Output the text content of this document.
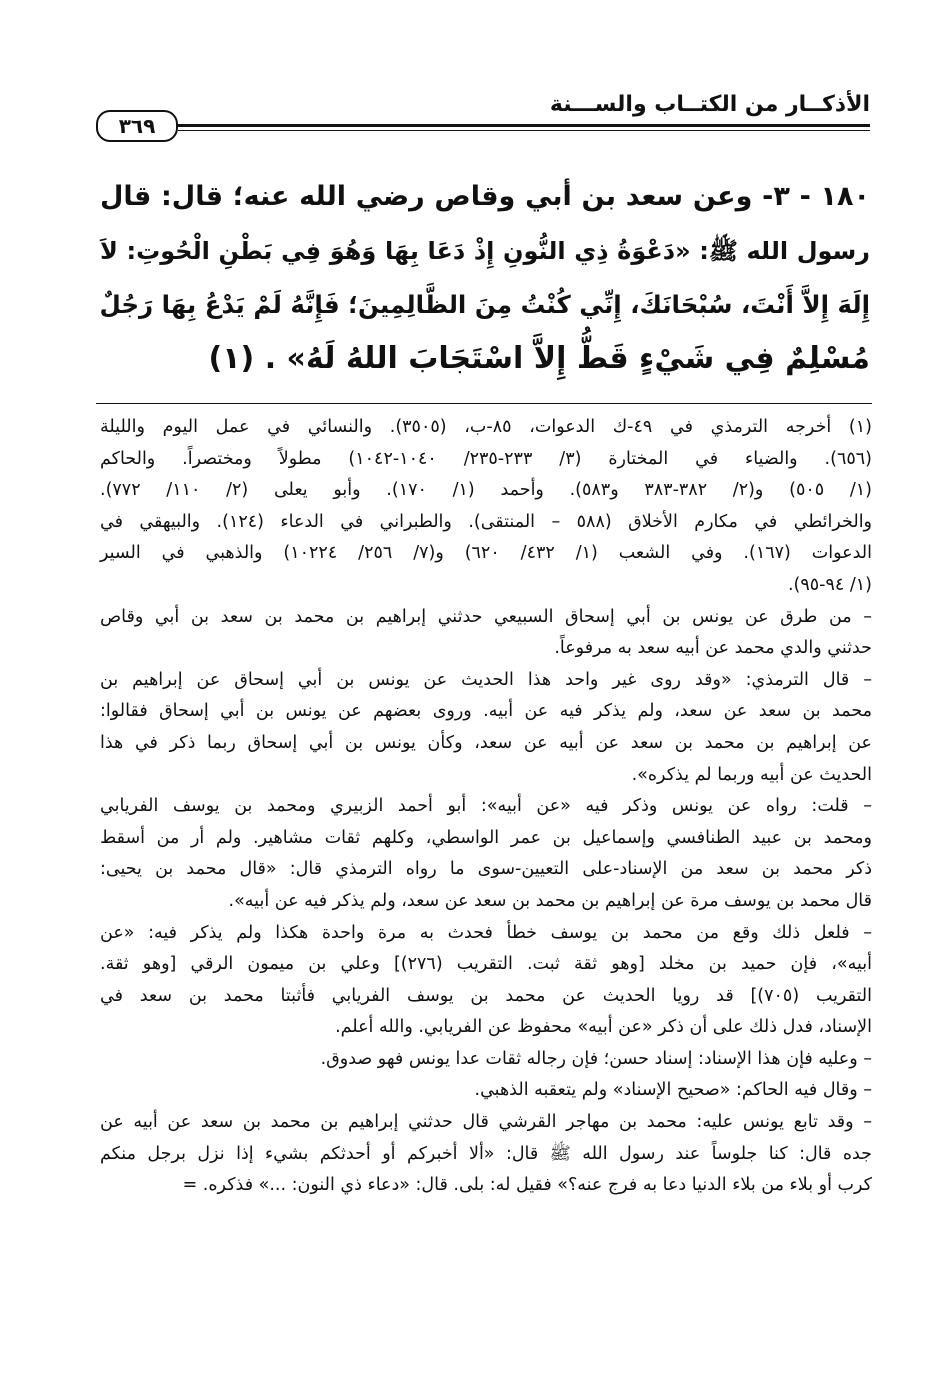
الأذكــار من الكتــاب والســـنة
٣٦٩
١٨٠ - ٣- وعن سعد بن أبي وقاص رضي الله عنه؛ قال: قال
رسول الله ﷺ: «دَعْوَةُ ذِي النُّونِ إِذْ دَعَا بِهَا وَهُوَ فِي بَطْنِ الْحُوتِ: لاَ
إِلَهَ إِلاَّ أَنْتَ، سُبْحَانَكَ، إِنِّي كُنْتُ مِنَ الظَّالِمِينَ؛ فَإِنَّهُ لَمْ يَدْعُ بِهَا رَجُلٌ
مُسْلِمٌ فِي شَيْءٍ قَطُّ إِلاَّ اسْتَجَابَ اللهُ لَهُ» . (١)
(١) أخرجه الترمذي في ٤٩-ك الدعوات، ٨٥-ب، (٣٥٠٥). والنسائي في عمل اليوم والليلة
(٦٥٦). والضياء في المختارة (٣/ ٢٣٣-٢٣٥/ ١٠٤٠-١٠٤٢) مطولاً ومختصراً. والحاكم
(١/ ٥٠٥) و(٢/ ٣٨٢-٣٨٣ و٥٨٣). وأحمد (١/ ١٧٠). وأبو يعلى (٢/ ١١٠/ ٧٧٢).
والخرائطي في مكارم الأخلاق (٥٨٨ – المنتقى). والطبراني في الدعاء (١٢٤). والبيهقي في
الدعوات (١٦٧). وفي الشعب (١/ ٤٣٢/ ٦٢٠) و(٧/ ٢٥٦/ ١٠٢٢٤) والذهبي في السير
(١/ ٩٤-٩٥).
– من طرق عن يونس بن أبي إسحاق السبيعي حدثني إبراهيم بن محمد بن سعد بن أبي وقاص
حدثني والدي محمد عن أبيه سعد به مرفوعاً.
– قال الترمذي: «وقد روى غير واحد هذا الحديث عن يونس بن أبي إسحاق عن إبراهيم بن
محمد بن سعد عن سعد، ولم يذكر فيه عن أبيه. وروى بعضهم عن يونس بن أبي إسحاق فقالوا:
عن إبراهيم بن محمد بن سعد عن أبيه عن سعد، وكأن يونس بن أبي إسحاق ربما ذكر في هذا
الحديث عن أبيه وربما لم يذكره».
– قلت: رواه عن يونس وذكر فيه «عن أبيه»: أبو أحمد الزبيري ومحمد بن يوسف الفريابي
ومحمد بن عبيد الطنافسي وإسماعيل بن عمر الواسطي، وكلهم ثقات مشاهير. ولم أر من أسقط
ذكر محمد بن سعد من الإسناد-على التعيين-سوى ما رواه الترمذي قال: «قال محمد بن يحيى:
قال محمد بن يوسف مرة عن إبراهيم بن محمد بن سعد عن سعد، ولم يذكر فيه عن أبيه».
– فلعل ذلك وقع من محمد بن يوسف خطأ فحدث به مرة واحدة هكذا ولم يذكر فيه: «عن
أبيه»، فإن حميد بن مخلد [وهو ثقة ثبت. التقريب (٢٧٦)] وعلي بن ميمون الرقي [وهو ثقة.
التقريب (٧٠٥)] قد رويا الحديث عن محمد بن يوسف الفريابي فأثبتا محمد بن سعد في
الإسناد، فدل ذلك على أن ذكر «عن أبيه» محفوظ عن الفريابي. والله أعلم.
– وعليه فإن هذا الإسناد: إسناد حسن؛ فإن رجاله ثقات عدا يونس فهو صدوق.
– وقال فيه الحاكم: «صحيح الإسناد» ولم يتعقبه الذهبي.
– وقد تابع يونس عليه: محمد بن مهاجر القرشي قال حدثني إبراهيم بن محمد بن سعد عن أبيه عن
جده قال: كنا جلوساً عند رسول الله ﷺ قال: «ألا أخبركم أو أحدثكم بشيء إذا نزل برجل منكم
كرب أو بلاء من بلاء الدنيا دعا به فرج عنه؟» فقيل له: بلى. قال: «دعاء ذي النون: ...» فذكره. =
